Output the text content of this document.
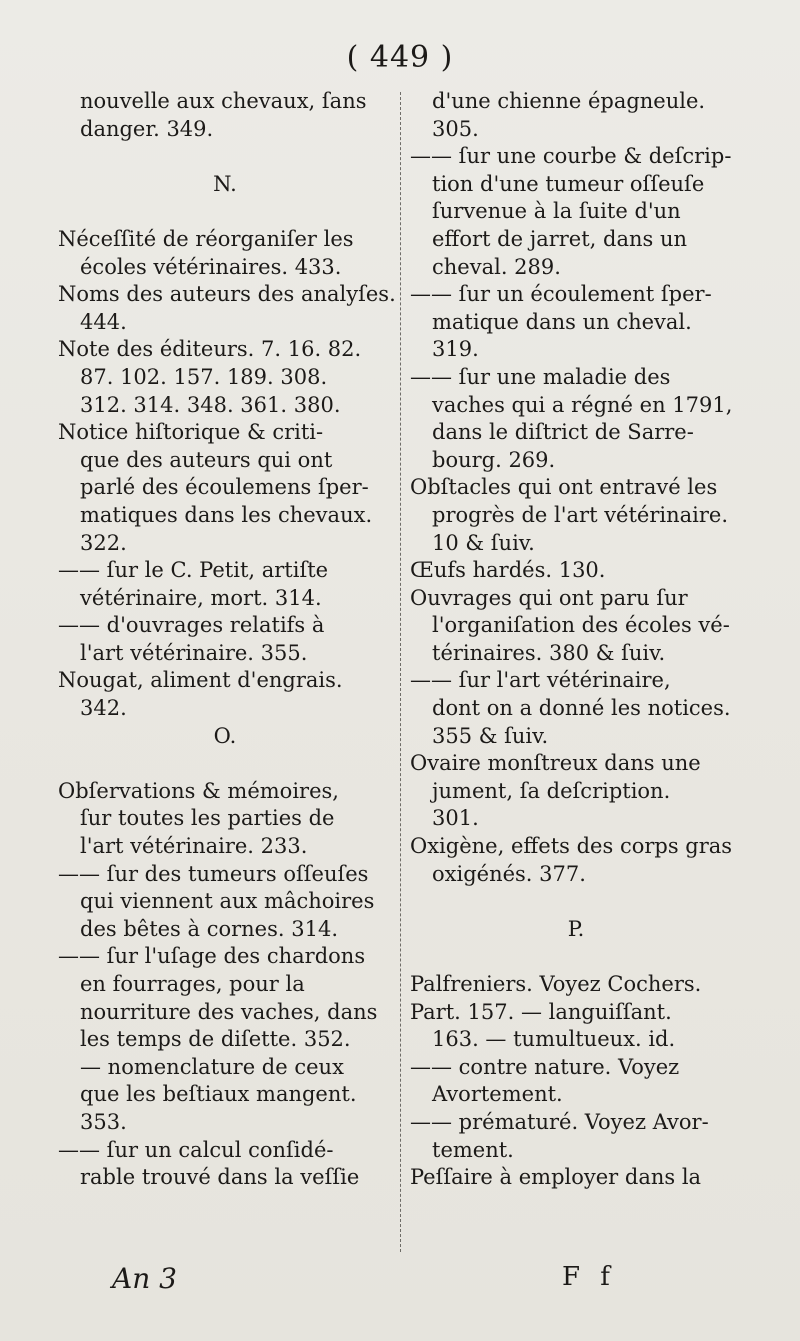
( 449 )
nouvelle aux chevaux, ſans
danger. 349.
N.
Néceſſité de réorganiſer les
écoles vétérinaires. 433.
Noms des auteurs des analyſes.
444.
Note des éditeurs. 7. 16. 82.
87. 102. 157. 189. 308.
312. 314. 348. 361. 380.
Notice hiſtorique & criti-
que des auteurs qui ont
parlé des écoulemens ſper-
matiques dans les chevaux.
322.
—— ſur le C. Petit, artiſte
vétérinaire, mort. 314.
—— d'ouvrages relatifs à
l'art vétérinaire. 355.
Nougat, aliment d'engrais.
342.
O.
Obſervations & mémoires,
ſur toutes les parties de
l'art vétérinaire. 233.
—— ſur des tumeurs oſſeuſes
qui viennent aux mâchoires
des bêtes à cornes. 314.
—— ſur l'uſage des chardons
en fourrages, pour la
nourriture des vaches, dans
les temps de diſette. 352.
— nomenclature de ceux
que les beſtiaux mangent.
353.
—— ſur un calcul conſidé-
rable trouvé dans la veſſie
d'une chienne épagneule.
305.
—— ſur une courbe & deſcrip-
tion d'une tumeur oſſeuſe
ſurvenue à la ſuite d'un
effort de jarret, dans un
cheval. 289.
—— ſur un écoulement ſper-
matique dans un cheval.
319.
—— ſur une maladie des
vaches qui a régné en 1791,
dans le diſtrict de Sarre-
bourg. 269.
Obſtacles qui ont entravé les
progrès de l'art vétérinaire.
10 & ſuiv.
Œufs hardés. 130.
Ouvrages qui ont paru ſur
l'organiſation des écoles vé-
térinaires. 380 & ſuiv.
—— ſur l'art vétérinaire,
dont on a donné les notices.
355 & ſuiv.
Ovaire monſtreux dans une
jument, ſa deſcription.
301.
Oxigène, effets des corps gras
oxigénés. 377.
P.
Palfreniers. Voyez Cochers.
Part. 157. — languiſſant.
163. — tumultueux. id.
—— contre nature. Voyez
Avortement.
—— prématuré. Voyez Avor-
tement.
Peſſaire à employer dans la
An 3	F f
